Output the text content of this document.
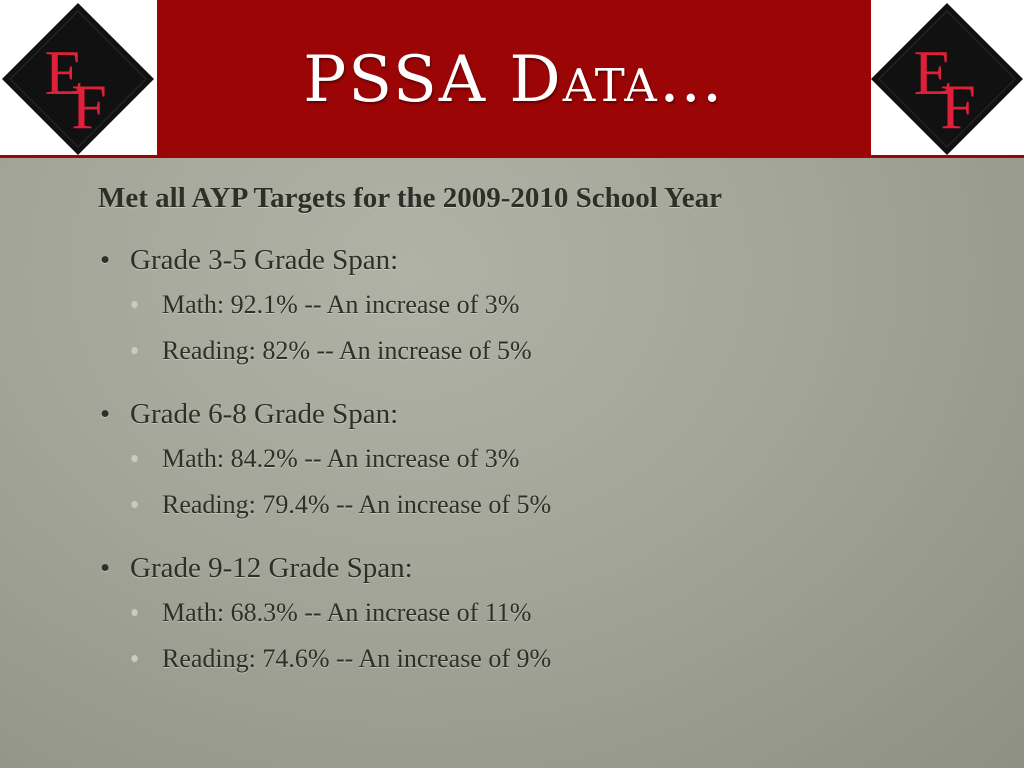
E
F	E
F
PSSA Data…
Met all AYP Targets for the 2009-2010 School Year
• Grade 3-5 Grade Span:
• Math: 92.1% -- An increase of 3%
• Reading: 82% -- An increase of 5%
• Grade 6-8 Grade Span:
• Math: 84.2% -- An increase of 3%
• Reading: 79.4% -- An increase of 5%
• Grade 9-12 Grade Span:
• Math: 68.3% -- An increase of 11%
• Reading: 74.6% -- An increase of 9%
